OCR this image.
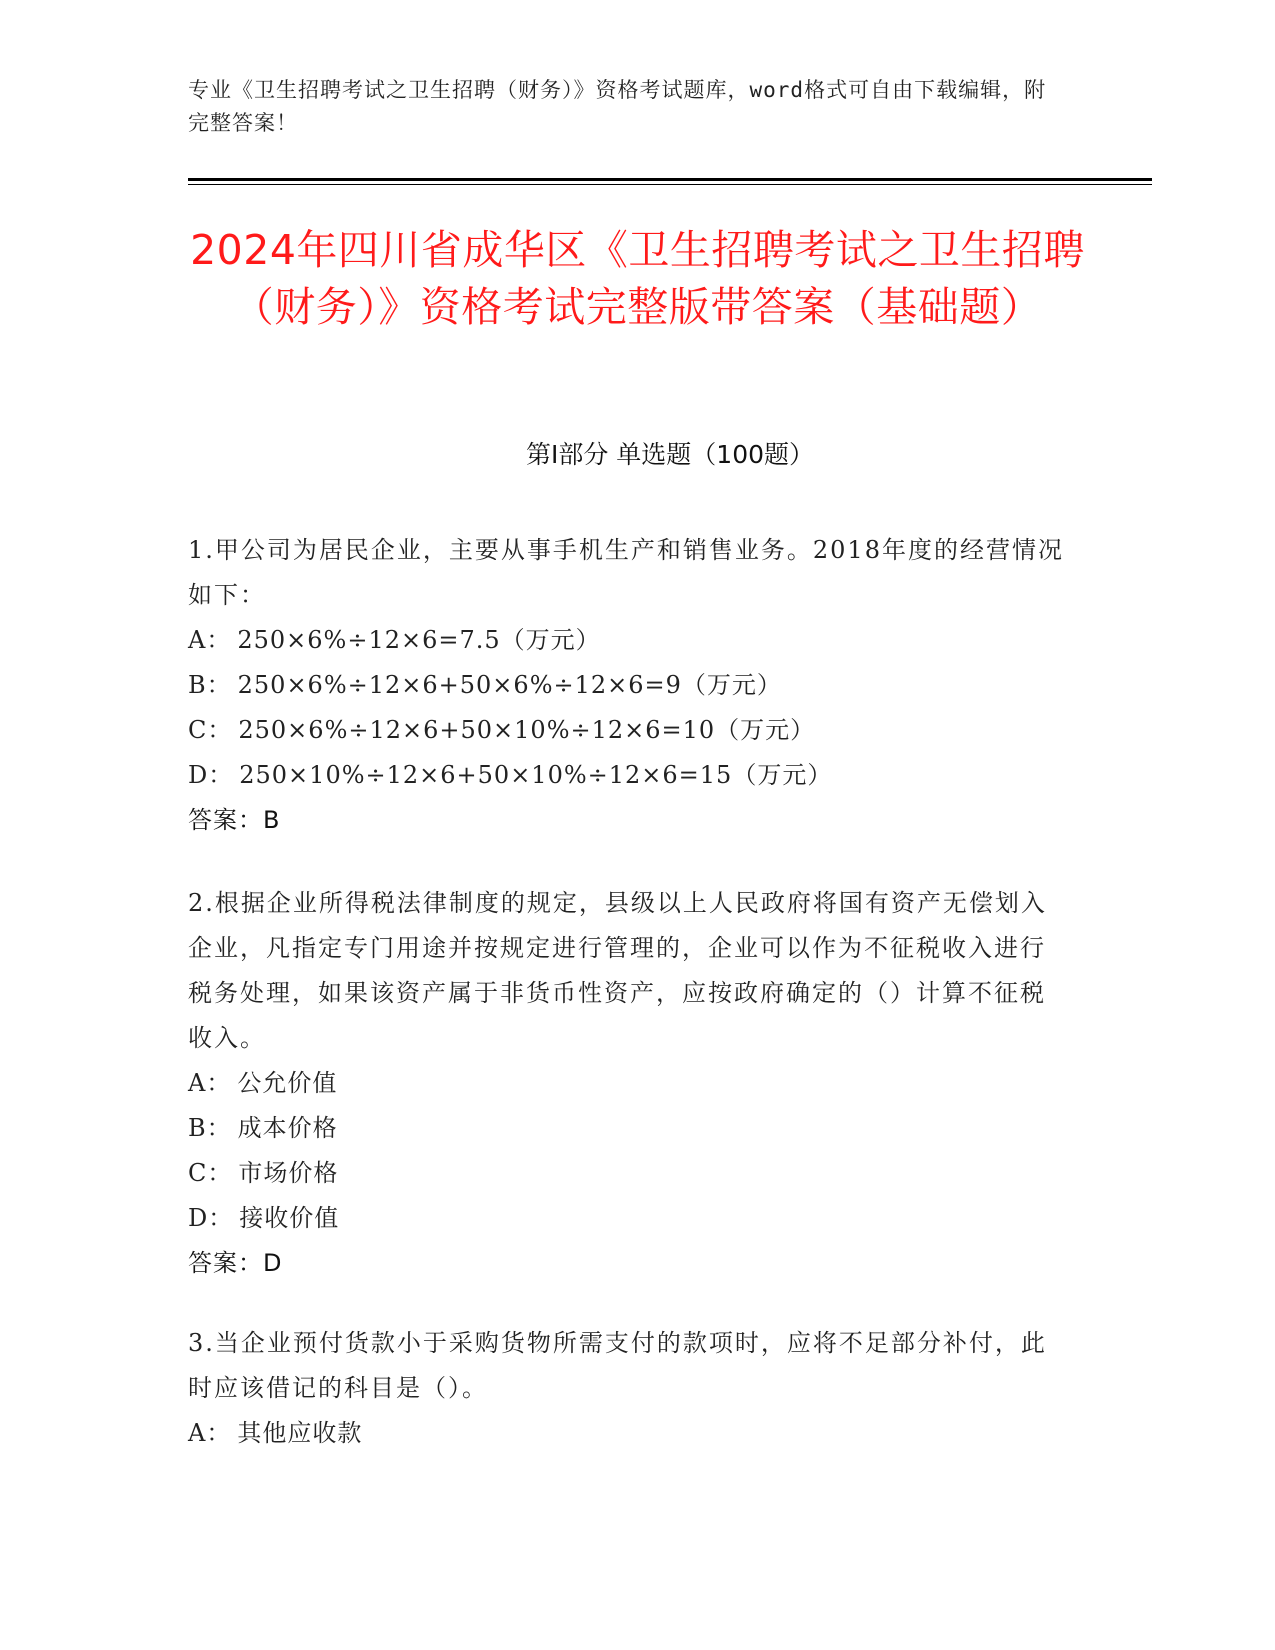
专业《卫生招聘考试之卫生招聘（财务）》资格考试题库，word格式可自由下载编辑，附完整答案！
2024年四川省成华区《卫生招聘考试之卫生招聘（财务）》资格考试完整版带答案（基础题）
第Ⅰ部分 单选题（100题）
1.甲公司为居民企业，主要从事手机生产和销售业务。2018年度的经营情况如下：
A： 250×6%÷12×6=7.5（万元）
B： 250×6%÷12×6+50×6%÷12×6=9（万元）
C： 250×6%÷12×6+50×10%÷12×6=10（万元）
D： 250×10%÷12×6+50×10%÷12×6=15（万元）
答案：B
2.根据企业所得税法律制度的规定，县级以上人民政府将国有资产无偿划入企业，凡指定专门用途并按规定进行管理的，企业可以作为不征税收入进行税务处理，如果该资产属于非货币性资产，应按政府确定的（）计算不征税收入。
A： 公允价值
B： 成本价格
C： 市场价格
D： 接收价值
答案：D
3.当企业预付货款小于采购货物所需支付的款项时，应将不足部分补付，此时应该借记的科目是（）。
A： 其他应收款
